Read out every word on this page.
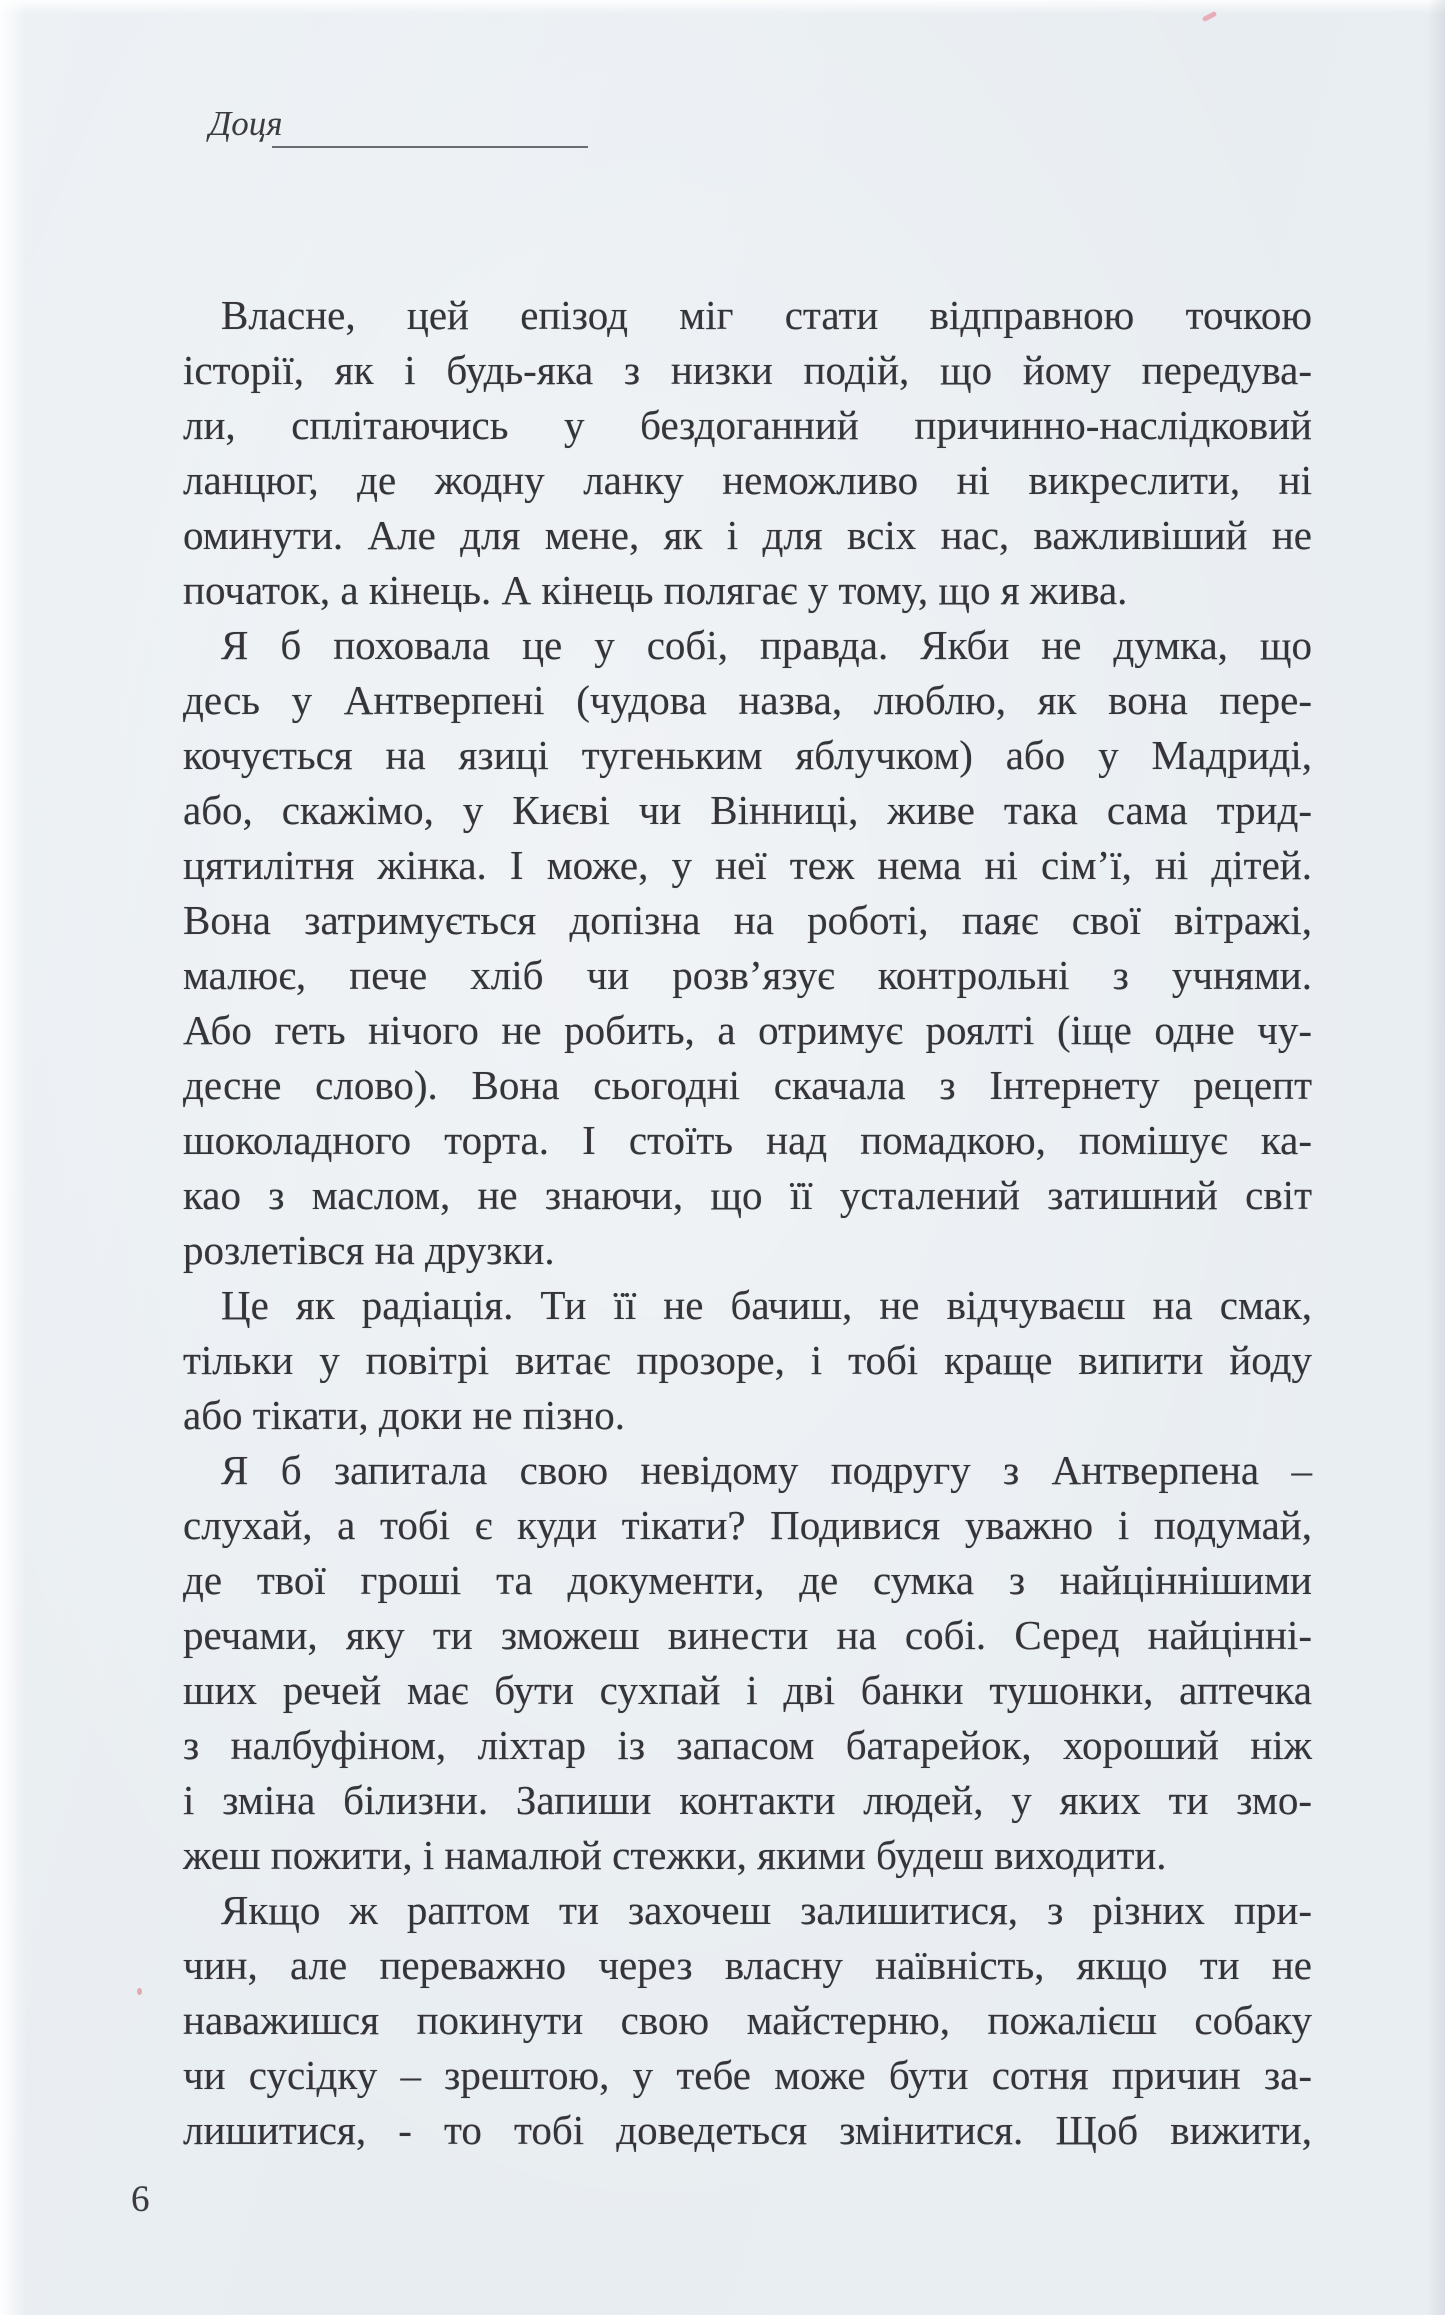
Доця

Власне, цей епізод міг стати відправною точкою
історії, як і будь-яка з низки подій, що йому передува-
ли, сплітаючись у бездоганний причинно-наслідковий
ланцюг, де жодну ланку неможливо ні викреслити, ні
оминути. Але для мене, як і для всіх нас, важливіший не
початок, а кінець. А кінець полягає у тому, що я жива.

Я б поховала це у собі, правда. Якби не думка, що
десь у Антверпені (чудова назва, люблю, як вона пере-
кочується на язиці тугеньким яблучком) або у Мадриді,
або, скажімо, у Києві чи Вінниці, живе така сама трид-
цятилітня жінка. І може, у неї теж нема ні сім’ї, ні дітей.
Вона затримується допізна на роботі, паяє свої вітражі,
малює, пече хліб чи розв’язує контрольні з учнями.
Або геть нічого не робить, а отримує роялті (іще одне чу-
десне слово). Вона сьогодні скачала з Інтернету рецепт
шоколадного торта. І стоїть над помадкою, помішує ка-
као з маслом, не знаючи, що її усталений затишний світ
розлетівся на друзки.

Це як радіація. Ти її не бачиш, не відчуваєш на смак,
тільки у повітрі витає прозоре, і тобі краще випити йоду
або тікати, доки не пізно.

Я б запитала свою невідому подругу з Антверпена –
слухай, а тобі є куди тікати? Подивися уважно і подумай,
де твої гроші та документи, де сумка з найціннішими
речами, яку ти зможеш винести на собі. Серед найцінні-
ших речей має бути сухпай і дві банки тушонки, аптечка
з налбуфіном, ліхтар із запасом батарейок, хороший ніж
і зміна білизни. Запиши контакти людей, у яких ти змо-
жеш пожити, і намалюй стежки, якими будеш виходити.

Якщо ж раптом ти захочеш залишитися, з різних при-
чин, але переважно через власну наївність, якщо ти не
наважишся покинути свою майстерню, пожалієш собаку
чи сусідку – зрештою, у тебе може бути сотня причин за-
лишитися, - то тобі доведеться змінитися. Щоб вижити,

6
